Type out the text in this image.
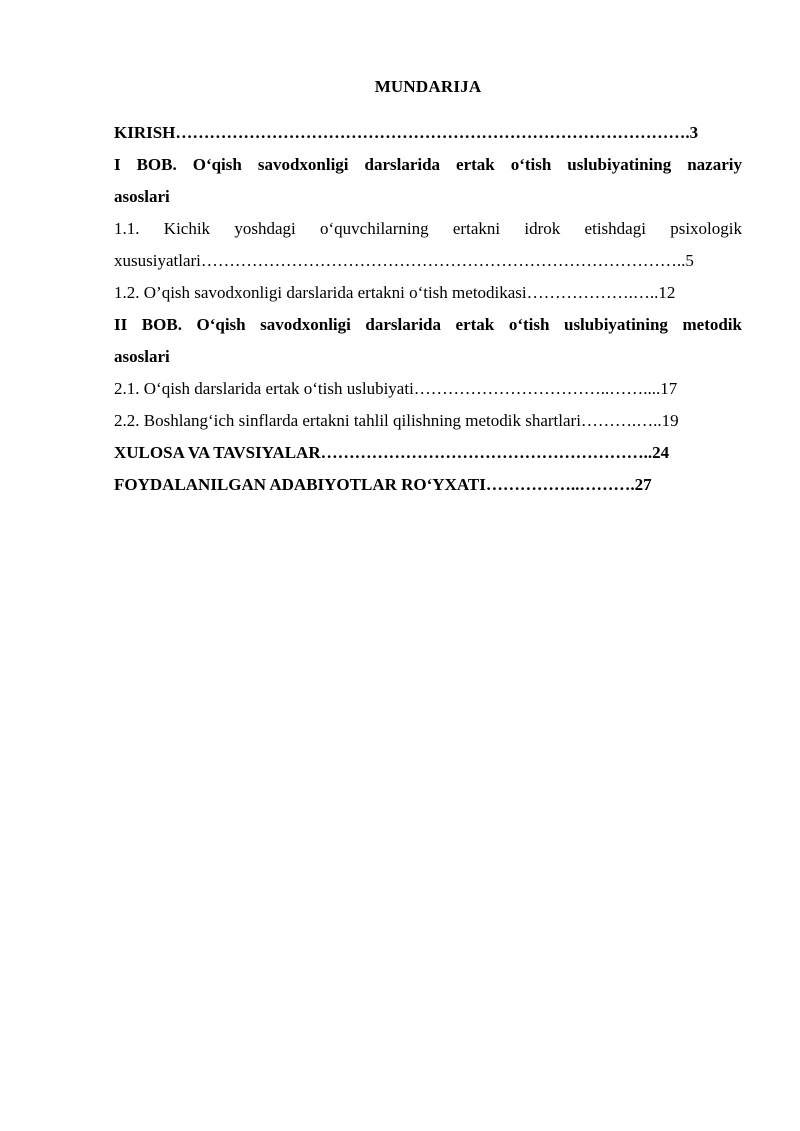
MUNDARIJA
KIRISH……………………………………………………………………………….3
I BOB. O‘qish savodxonligi darslarida ertak o‘tish uslubiyatining nazariy
asoslari
1.1. Kichik yoshdagi o‘quvchilarning ertakni idrok etishdagi psixologik
xususiyatlari…………………………………………………………………………..5
1.2. O’qish savodxonligi darslarida ertakni o‘tish metodikasi……………….…..12
II BOB. O‘qish savodxonligi darslarida ertak o‘tish uslubiyatining metodik
asoslari
2.1. O‘qish darslarida ertak o‘tish uslubiyati……………………………..……....17
2.2. Boshlang‘ich sinflarda ertakni tahlil qilishning metodik shartlari……….…..19
XULOSA VA TAVSIYALAR…………………………………………………..24
FOYDALANILGAN ADABIYOTLAR RO‘YXATI……………..……….27
